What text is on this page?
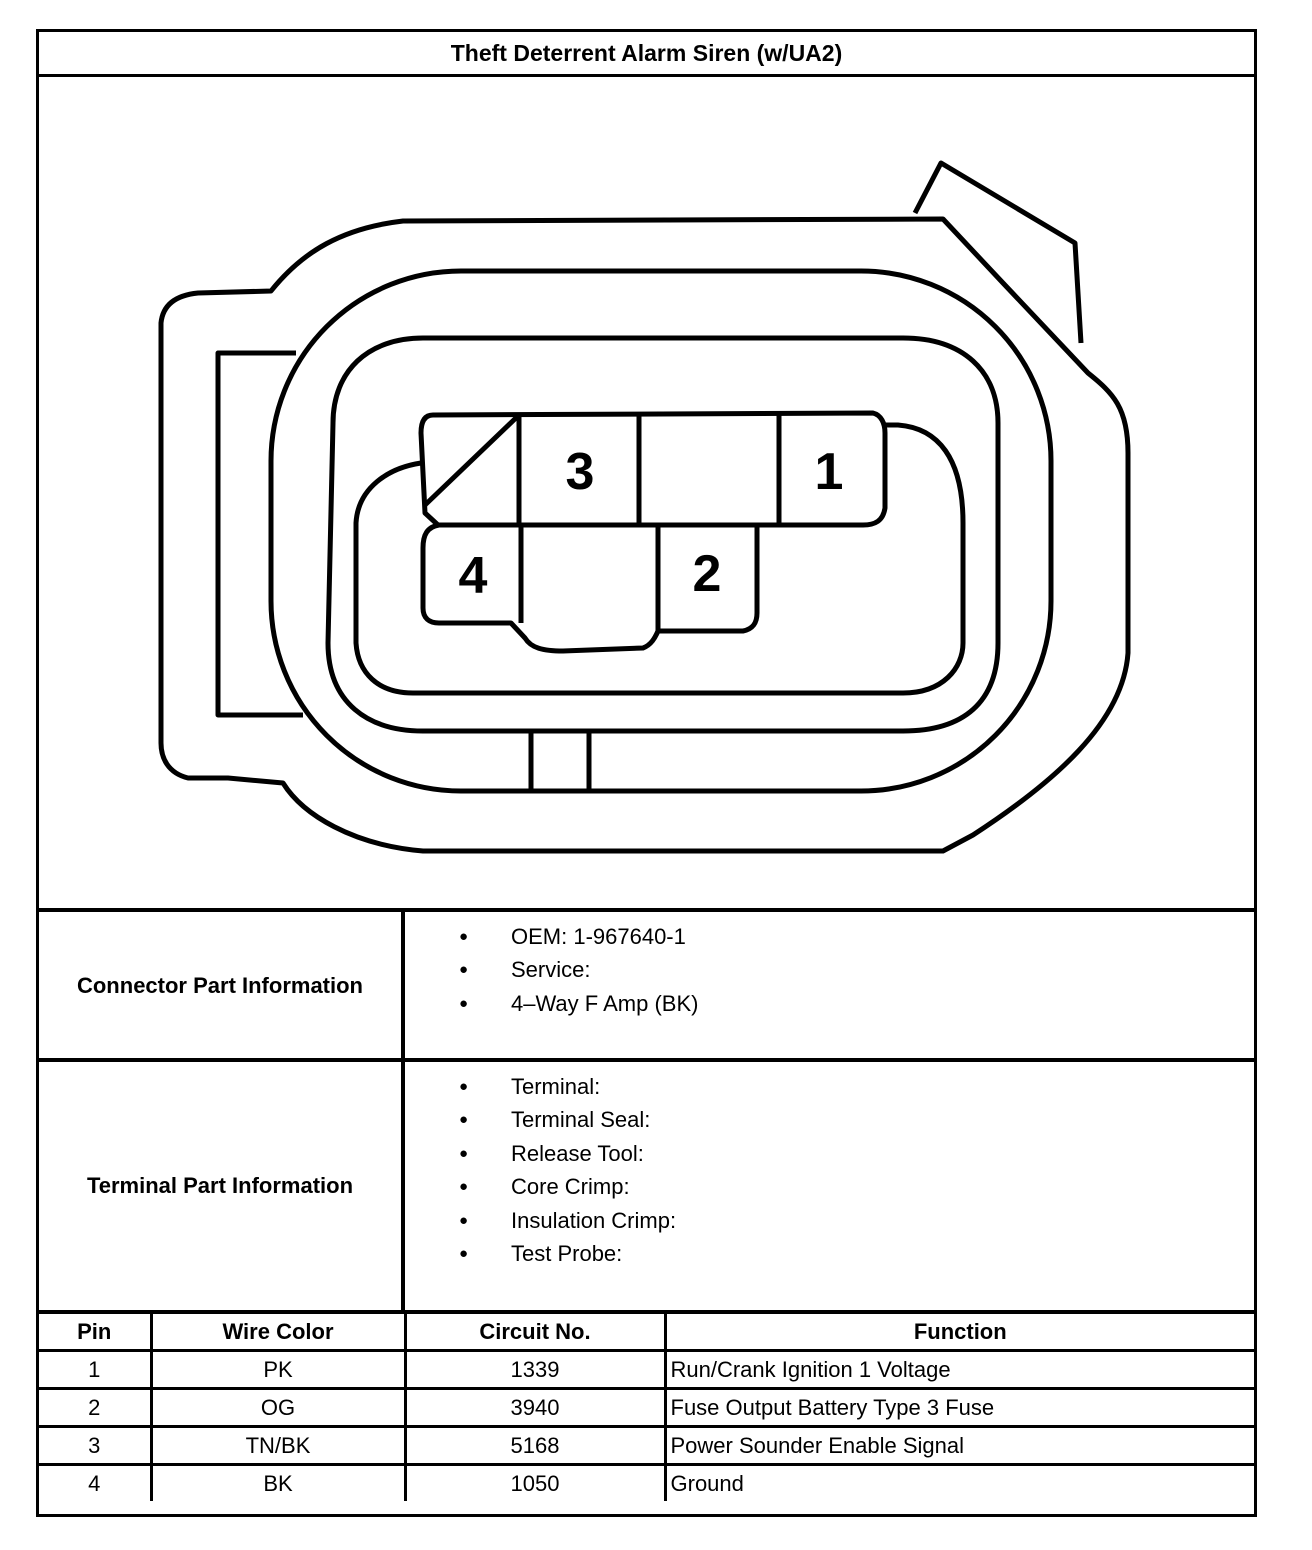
Theft Deterrent Alarm Siren (w/UA2)
3	1
4	2
Connector Part Information
● OEM: 1-967640-1
● Service:
● 4–Way F Amp (BK)
Terminal Part Information
● Terminal:
● Terminal Seal:
● Release Tool:
● Core Crimp:
● Insulation Crimp:
● Test Probe:
Pin	Wire Color	Circuit No.	Function
1	PK	1339	Run/Crank Ignition 1 Voltage
2	OG	3940	Fuse Output Battery Type 3 Fuse
3	TN/BK	5168	Power Sounder Enable Signal
4	BK	1050	Ground
